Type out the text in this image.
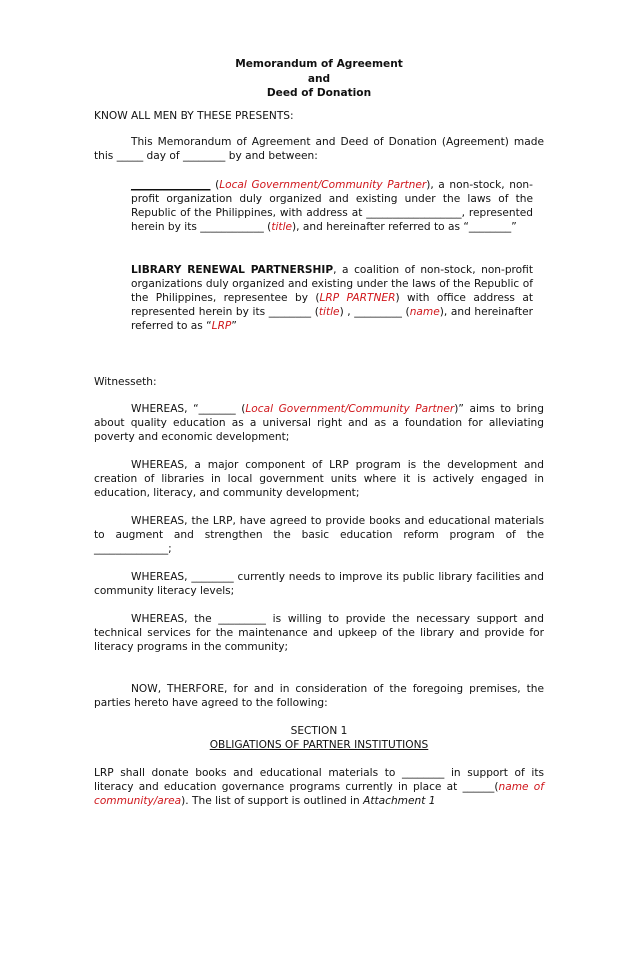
Memorandum of Agreement
and
Deed of Donation

KNOW ALL MEN BY THESE PRESENTS:

This Memorandum of Agreement and Deed of Donation (Agreement) made this _____ day of ________ by and between:

_______________ (Local Government/Community Partner), a non-stock, non-profit organization duly organized and existing under the laws of the Republic of the Philippines, with address at __________________, represented herein by its ____________ (title), and hereinafter referred to as “________”

LIBRARY RENEWAL PARTNERSHIP, a coalition of non-stock, non-profit organizations duly organized and existing under the laws of the Republic of the Philippines, representee by (LRP PARTNER) with office address at represented herein by its ________ (title) , _________ (name), and hereinafter referred to as “LRP”

Witnesseth:

WHEREAS, “_______ (Local Government/Community Partner)” aims to bring about quality education as a universal right and as a foundation for alleviating poverty and economic development;

WHEREAS, a major component of LRP program is the development and creation of libraries in local government units where it is actively engaged in education, literacy, and community development;

WHEREAS, the LRP, have agreed to provide books and educational materials to augment and strengthen the basic education reform program of the ______________;

WHEREAS, ________ currently needs to improve its public library facilities and community literacy levels;

WHEREAS, the _________ is willing to provide the necessary support and technical services for the maintenance and upkeep of the library and provide for literacy programs in the community;

NOW, THERFORE, for and in consideration of the foregoing premises, the parties hereto have agreed to the following:

SECTION 1
OBLIGATIONS OF PARTNER INSTITUTIONS

LRP shall donate books and educational materials to ________ in support of its literacy and education governance programs currently in place at ______(name of community/area). The list of support is outlined in Attachment 1
